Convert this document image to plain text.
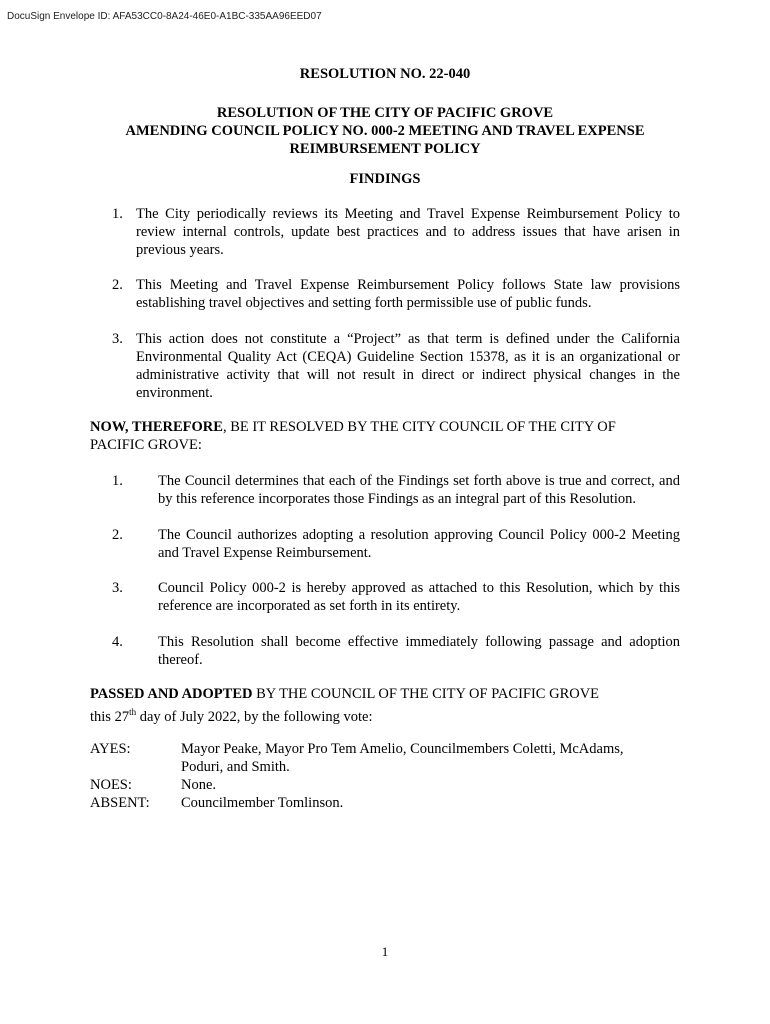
DocuSign Envelope ID: AFA53CC0-8A24-46E0-A1BC-335AA96EED07
RESOLUTION NO. 22-040
RESOLUTION OF THE CITY OF PACIFIC GROVE
AMENDING COUNCIL POLICY NO. 000-2 MEETING AND TRAVEL EXPENSE
REIMBURSEMENT POLICY
FINDINGS
1. The City periodically reviews its Meeting and Travel Expense Reimbursement Policy to review internal controls, update best practices and to address issues that have arisen in previous years.
2. This Meeting and Travel Expense Reimbursement Policy follows State law provisions establishing travel objectives and setting forth permissible use of public funds.
3. This action does not constitute a “Project” as that term is defined under the California Environmental Quality Act (CEQA) Guideline Section 15378, as it is an organizational or administrative activity that will not result in direct or indirect physical changes in the environment.
NOW, THEREFORE, BE IT RESOLVED BY THE CITY COUNCIL OF THE CITY OF PACIFIC GROVE:
1. The Council determines that each of the Findings set forth above is true and correct, and by this reference incorporates those Findings as an integral part of this Resolution.
2. The Council authorizes adopting a resolution approving Council Policy 000-2 Meeting and Travel Expense Reimbursement.
3. Council Policy 000-2 is hereby approved as attached to this Resolution, which by this reference are incorporated as set forth in its entirety.
4. This Resolution shall become effective immediately following passage and adoption thereof.
PASSED AND ADOPTED BY THE COUNCIL OF THE CITY OF PACIFIC GROVE
this 27th day of July 2022, by the following vote:
AYES:	Mayor Peake, Mayor Pro Tem Amelio, Councilmembers Coletti, McAdams, Poduri, and Smith.
NOES:	None.
ABSENT: Councilmember Tomlinson.
1
